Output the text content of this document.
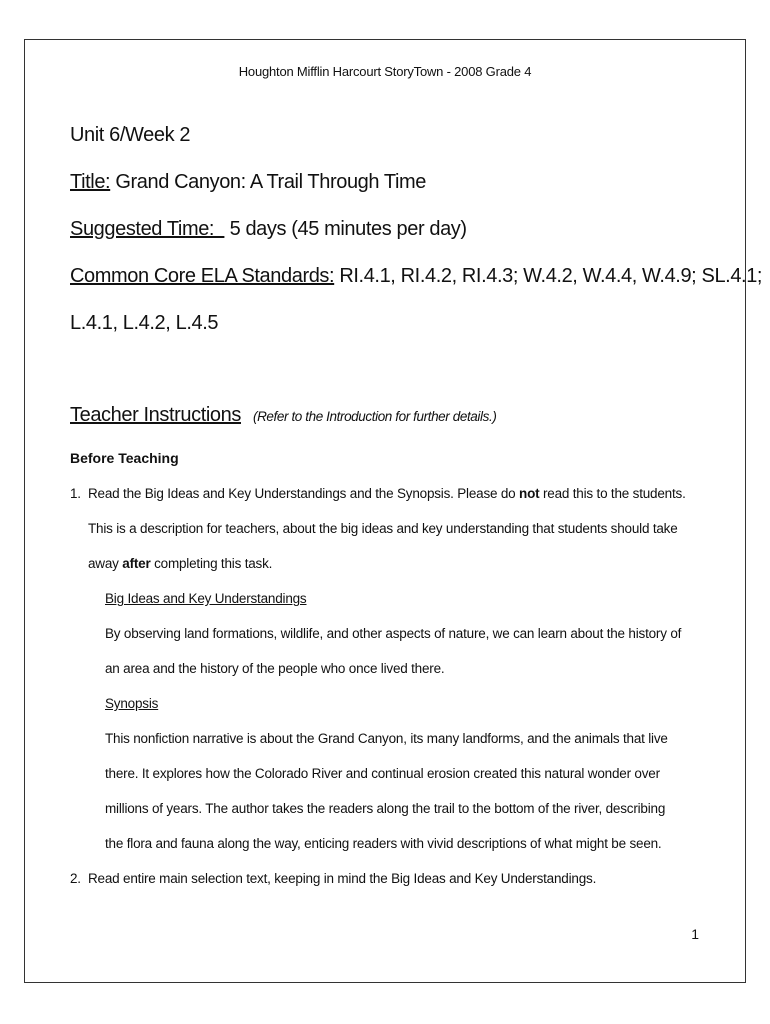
Houghton Mifflin Harcourt StoryTown - 2008 Grade 4
Unit 6/Week 2
Title: Grand Canyon: A Trail Through Time
Suggested Time:   5 days (45 minutes per day)
Common Core ELA Standards: RI.4.1, RI.4.2, RI.4.3; W.4.2, W.4.4, W.4.9; SL.4.1;
L.4.1, L.4.2, L.4.5
Teacher Instructions (Refer to the Introduction for further details.)
Before Teaching
1. Read the Big Ideas and Key Understandings and the Synopsis. Please do not read this to the students.
This is a description for teachers, about the big ideas and key understanding that students should take
away after completing this task.
Big Ideas and Key Understandings
By observing land formations, wildlife, and other aspects of nature, we can learn about the history of
an area and the history of the people who once lived there.
Synopsis
This nonfiction narrative is about the Grand Canyon, its many landforms, and the animals that live
there. It explores how the Colorado River and continual erosion created this natural wonder over
millions of years. The author takes the readers along the trail to the bottom of the river, describing
the flora and fauna along the way, enticing readers with vivid descriptions of what might be seen.
2. Read entire main selection text, keeping in mind the Big Ideas and Key Understandings.
1
